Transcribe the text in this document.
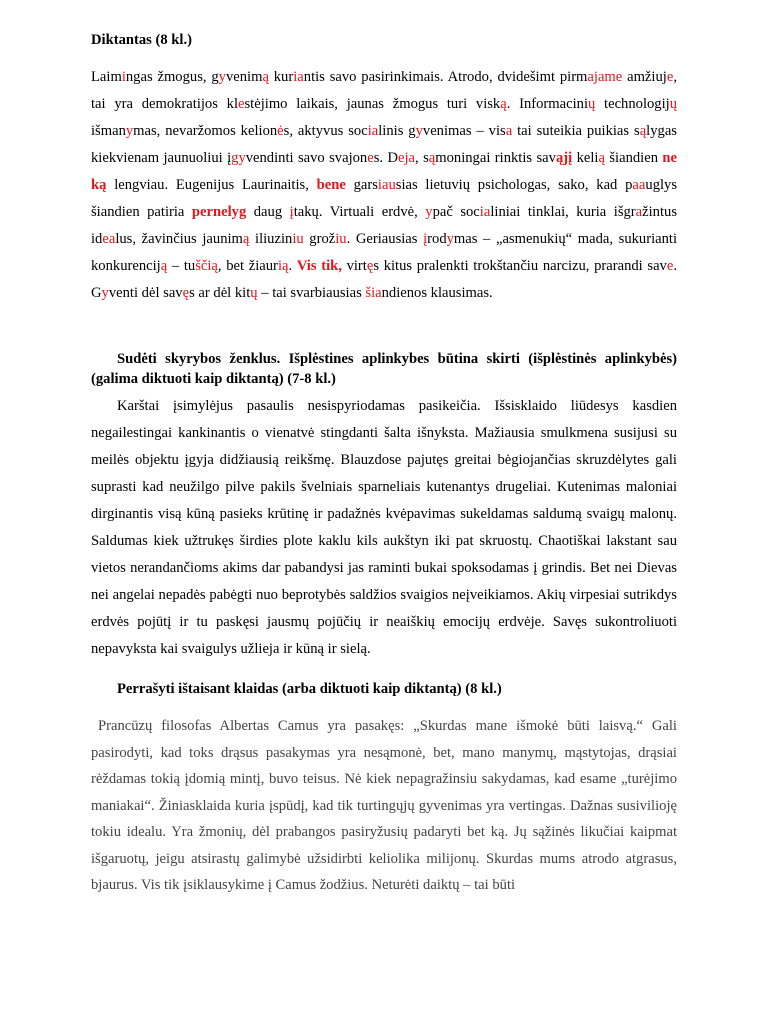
Diktantas (8 kl.)

Laimingas žmogus, gyvenimą kuriantis savo pasirinkimais. Atrodo, dvidešimt pirmajame amžiuje, tai yra demokratijos klestėjimo laikais, jaunas žmogus turi viską. Informacinių technologijų išmanymas, nevaržomos kelionės, aktyvus socialinis gyvenimas – visa tai suteikia puikias sąlygas kiekvienam jaunuoliui įgyvendinti savo svajones. Deja, sąmoningai rinktis savąjį kelią šiandien ne ką lengviau. Eugenijus Laurinaitis, bene garsiausias lietuvių psichologas, sako, kad paauglys šiandien patiria pernelyg daug įtakų. Virtuali erdvė, ypač socialiniai tinklai, kuria išgražintus idealus, žavinčius jaunimą iliuziniu grožiu. Geriausias įrodymas – „asmenukių“ mada, sukurianti konkurenciją – tuščią, bet žiaurią. Vis tik, virtęs kitus pralenkti trokštančiu narcizu, prarandi save. Gyventi dėl savęs ar dėl kitų – tai svarbiausias šiandienos klausimas.

Sudėti skyrybos ženklus. Išplėstines aplinkybes būtina skirti (išplėstinės aplinkybės) (galima diktuoti kaip diktantą) (7-8 kl.)

Karštai įsimylėjus pasaulis nesispyriodamas pasikeičia. Išsisklaido liūdesys kasdien negailestingai kankinantis o vienatvė stingdanti šalta išnyksta. Mažiausia smulkmena susijusi su meilės objektu įgyja didžiausią reikšmę. Blauzdose pajutęs greitai bėgiojančias skruzdėlytes gali suprasti kad neužilgo pilve pakils švelniais sparneliais kutenantys drugeliai. Kutenimas maloniai dirginantis visą kūną pasieks krūtinę ir padažnės kvėpavimas sukeldamas saldumą svaigų malonų. Saldumas kiek užtrukęs širdies plote kaklu kils aukštyn iki pat skruostų. Chaotiškai lakstant sau vietos nerandančioms akims dar pabandysi jas raminti bukai spoksodamas į grindis. Bet nei Dievas nei angelai nepadės pabėgti nuo beprotybės saldžios svaigios neįveikiamos. Akių virpesiai sutrikdys erdvės pojūtį ir tu paskęsi jausmų pojūčių ir neaiškių emocijų erdvėje. Savęs sukontroliuoti nepavyksta kai svaigulys užlieja ir kūną ir sielą.

Perrašyti ištaisant klaidas (arba diktuoti kaip diktantą) (8 kl.)

Prancūzų filosofas Albertas Camus yra pasakęs: „Skurdas mane išmokė būti laisvą.“ Gali pasirodyti, kad toks drąsus pasakymas yra nesąmonė, bet, mano manymų, mąstytojas, drąsiai rėždamas tokią įdomią mintį, buvo teisus. Nė kiek nepagražinsiu sakydamas, kad esame „turėjimo maniakai“. Žiniasklaida kuria įspūdį, kad tik turtingųjų gyvenimas yra vertingas. Dažnas susivilioję tokiu idealu. Yra žmonių, dėl prabangos pasiryžusių padaryti bet ką. Jų sąžinės likučiai kaipmat išgaruotų, jeigu atsirastų galimybė užsidirbti keliolika milijonų. Skurdas mums atrodo atgrasus, bjaurus. Vis tik įsiklausykime į Camus žodžius. Neturėti daiktų – tai būti
